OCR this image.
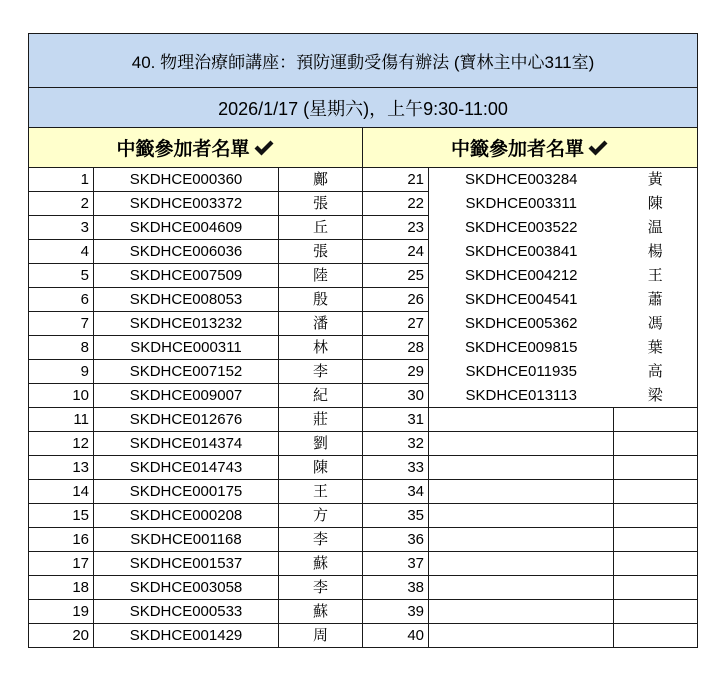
40. 物理治療師講座：預防運動受傷有辦法 (寶林主中心311室)					
2026/1/17 (星期六)，上午9:30-11:00					

中籤參加者名單			中籤參加者名單		

1	SKDHCE000360	鄺	21	SKDHCE003284	黃
2	SKDHCE003372	張	22	SKDHCE003311	陳
3	SKDHCE004609	丘	23	SKDHCE003522	温
4	SKDHCE006036	張	24	SKDHCE003841	楊
5	SKDHCE007509	陸	25	SKDHCE004212	王
6	SKDHCE008053	殷	26	SKDHCE004541	蕭
7	SKDHCE013232	潘	27	SKDHCE005362	馮
8	SKDHCE000311	林	28	SKDHCE009815	葉
9	SKDHCE007152	李	29	SKDHCE011935	高
10	SKDHCE009007	紀	30	SKDHCE013113	梁
11	SKDHCE012676	莊	31		
12	SKDHCE014374	劉	32		
13	SKDHCE014743	陳	33		
14	SKDHCE000175	王	34		
15	SKDHCE000208	方	35		
16	SKDHCE001168	李	36		
17	SKDHCE001537	蘇	37		
18	SKDHCE003058	李	38		
19	SKDHCE000533	蘇	39		
20	SKDHCE001429	周	40		
